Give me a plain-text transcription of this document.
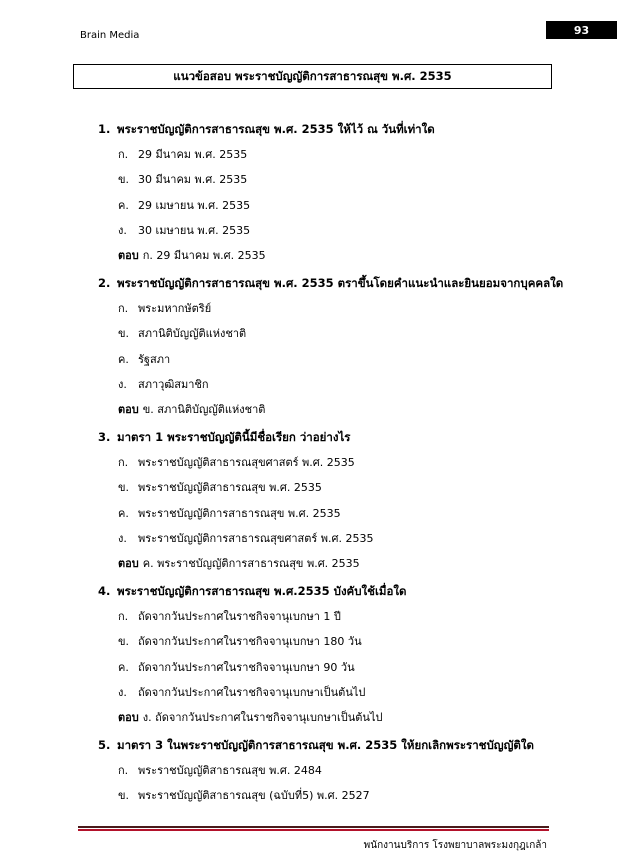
Brain Media	93
แนวข้อสอบ พระราชบัญญัติการสาธารณสุข พ.ศ. 2535
1. พระราชบัญญัติการสาธารณสุข พ.ศ. 2535 ให้ไว้ ณ วันที่เท่าใด
ก. 29 มีนาคม พ.ศ. 2535
ข. 30 มีนาคม พ.ศ. 2535
ค. 29 เมษายน พ.ศ. 2535
ง. 30 เมษายน พ.ศ. 2535
ตอบ ก. 29 มีนาคม พ.ศ. 2535
2. พระราชบัญญัติการสาธารณสุข พ.ศ. 2535 ตราขึ้นโดยคำแนะนำและยินยอมจากบุคคลใด
ก. พระมหากษัตริย์
ข. สภานิติบัญญัติแห่งชาติ
ค. รัฐสภา
ง. สภาวุฒิสมาชิก
ตอบ ข. สภานิติบัญญัติแห่งชาติ
3. มาตรา 1 พระราชบัญญัตินี้มีชื่อเรียก ว่าอย่างไร
ก. พระราชบัญญัติสาธารณสุขศาสตร์ พ.ศ. 2535
ข. พระราชบัญญัติสาธารณสุข พ.ศ. 2535
ค. พระราชบัญญัติการสาธารณสุข พ.ศ. 2535
ง. พระราชบัญญัติการสาธารณสุขศาสตร์ พ.ศ. 2535
ตอบ ค. พระราชบัญญัติการสาธารณสุข พ.ศ. 2535
4. พระราชบัญญัติการสาธารณสุข พ.ศ.2535 บังคับใช้เมื่อใด
ก. ถัดจากวันประกาศในราชกิจจานุเบกษา 1 ปี
ข. ถัดจากวันประกาศในราชกิจจานุเบกษา 180 วัน
ค. ถัดจากวันประกาศในราชกิจจานุเบกษา 90 วัน
ง. ถัดจากวันประกาศในราชกิจจานุเบกษาเป็นต้นไป
ตอบ ง. ถัดจากวันประกาศในราชกิจจานุเบกษาเป็นต้นไป
5. มาตรา 3 ในพระราชบัญญัติการสาธารณสุข พ.ศ. 2535 ให้ยกเลิกพระราชบัญญัติใด
ก. พระราชบัญญัติสาธารณสุข พ.ศ. 2484
ข. พระราชบัญญัติสาธารณสุข (ฉบับที่5) พ.ศ. 2527
พนักงานบริการ โรงพยาบาลพระมงกุฎเกล้า
